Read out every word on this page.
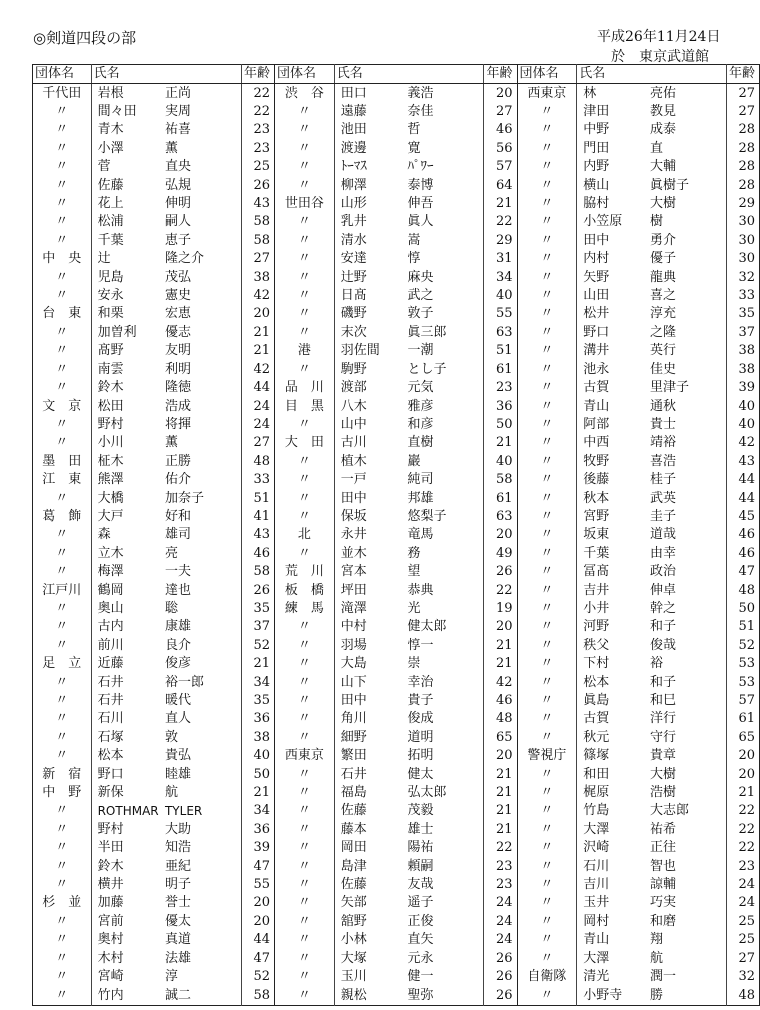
◎剣道四段の部	平成26年11月24日
於　東京武道館
団体名	氏名	年齢
千代田	岩根 正尚	22
〃	間々田 実周	22
〃	青木 祐喜	23
〃	小澤 薫	23
〃	菅 直央	25
〃	佐藤 弘規	26
〃	花上 伸明	43
〃	松浦 嗣人	58
〃	千葉 恵子	58
中　央	辻 隆之介	27
〃	児島 茂弘	38
〃	安永 憲史	42
台　東	和栗 宏恵	20
〃	加曽利 優志	21
〃	髙野 友明	21
〃	南雲 利明	42
〃	鈴木 隆徳	44
文　京	松田 浩成	24
〃	野村 将揮	24
〃	小川 薫	27
墨　田	柾木 正勝	48
江　東	熊澤 佑介	33
〃	大橋 加奈子	51
葛　飾	大戸 好和	41
〃	森 雄司	43
〃	立木 亮	46
〃	梅澤 一夫	58
江戸川	鶴岡 達也	26
〃	奥山 聡	35
〃	古内 康雄	37
〃	前川 良介	52
足　立	近藤 俊彦	21
〃	石井 裕一郎	34
〃	石井 暖代	35
〃	石川 直人	36
〃	石塚 敦	38
〃	松本 貴弘	40
新　宿	野口 睦雄	50
中　野	新保 航	21
〃	ROTHMAR TYLER	34
〃	野村 大助	36
〃	半田 知浩	39
〃	鈴木 亜紀	47
〃	横井 明子	55
杉　並	加藤 誉士	20
〃	宮前 優太	20
〃	奥村 真道	44
〃	木村 法雄	47
〃	宮崎 淳	52
〃	竹内 誠二	58
団体名	氏名	年齢
渋　谷	田口 義浩	20
〃	遠藤 奈佳	27
〃	池田 哲	46
〃	渡邊 寛	56
〃	ﾄｰﾏｽ ﾊﾟﾜｰ	57
〃	柳澤 泰博	64
世田谷	山形 伸吾	21
〃	乳井 眞人	22
〃	清水 嵩	29
〃	安達 惇	31
〃	辻野 麻央	34
〃	日髙 武之	40
〃	磯野 敦子	55
〃	末次 眞三郎	63
港	羽佐間 一潮	51
〃	駒野 とし子	61
品　川	渡部 元気	23
目　黒	八木 雅彦	36
〃	山中 和彦	50
大　田	古川 直樹	21
〃	植木 巖	40
〃	一戸 純司	58
〃	田中 邦雄	61
〃	保坂 悠梨子	63
北	永井 竜馬	20
〃	並木 務	49
荒　川	宮本 望	26
板　橋	坪田 恭典	22
練　馬	滝澤 光	19
〃	中村 健太郎	20
〃	羽場 惇一	21
〃	大島 崇	21
〃	山下 幸治	42
〃	田中 貴子	46
〃	角川 俊成	48
〃	細野 道明	65
西東京	繁田 拓明	20
〃	石井 健太	21
〃	福島 弘太郎	21
〃	佐藤 茂毅	21
〃	藤本 雄士	21
〃	岡田 陽祐	22
〃	島津 頼嗣	23
〃	佐藤 友哉	23
〃	矢部 遥子	24
〃	舘野 正俊	24
〃	小林 直矢	24
〃	大塚 元永	26
〃	玉川 健一	26
〃	親松 聖弥	26
団体名	氏名	年齢
西東京	林 亮佑	27
〃	津田 教見	27
〃	中野 成泰	28
〃	門田 直	28
〃	内野 大輔	28
〃	横山 眞樹子	28
〃	脇村 大樹	29
〃	小笠原 樹	30
〃	田中 勇介	30
〃	内村 優子	30
〃	矢野 龍典	32
〃	山田 喜之	33
〃	松井 淳充	35
〃	野口 之隆	37
〃	溝井 英行	38
〃	池永 佳史	38
〃	古賀 里津子	39
〃	青山 通秋	40
〃	阿部 貴士	40
〃	中西 靖裕	42
〃	牧野 喜浩	43
〃	後藤 桂子	44
〃	秋本 武英	44
〃	宮野 圭子	45
〃	坂東 道哉	46
〃	千葉 由幸	46
〃	冨髙 政治	47
〃	吉井 伸卓	48
〃	小井 幹之	50
〃	河野 和子	51
〃	秩父 俊哉	52
〃	下村 裕	53
〃	松本 和子	53
〃	眞島 和巳	57
〃	古賀 洋行	61
〃	秋元 守行	65
警視庁	篠塚 貴章	20
〃	和田 大樹	20
〃	梶原 浩樹	21
〃	竹島 大志郎	22
〃	大澤 祐希	22
〃	沢崎 正往	22
〃	石川 智也	23
〃	吉川 諒輔	24
〃	玉井 巧実	24
〃	岡村 和磨	25
〃	青山 翔	25
〃	大澤 航	27
自衛隊	清光 潤一	32
〃	小野寺 勝	48
